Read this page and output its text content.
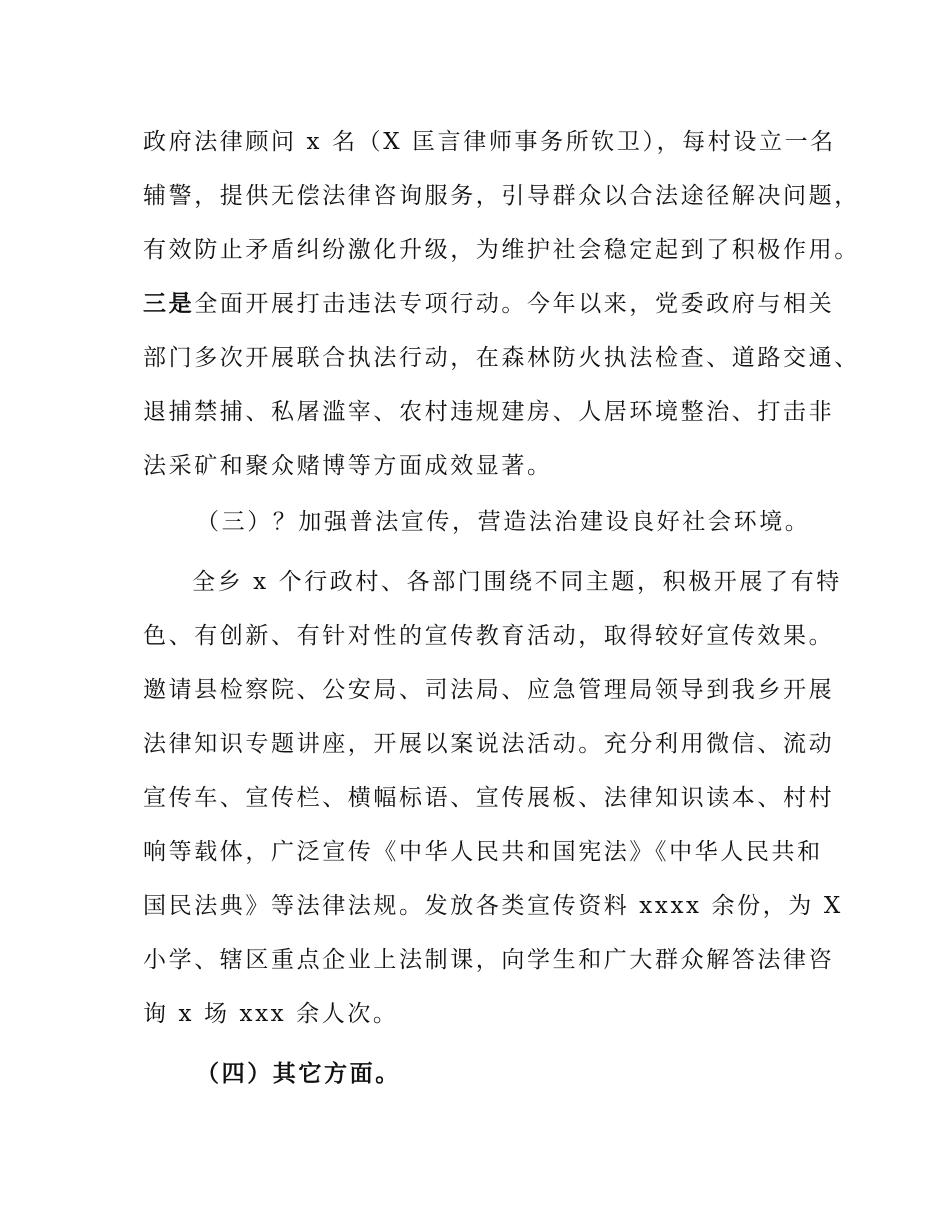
政府法律顾问 x 名（X 匡言律师事务所钦卫），每村设立一名
辅警，提供无偿法律咨询服务，引导群众以合法途径解决问题，
有效防止矛盾纠纷激化升级，为维护社会稳定起到了积极作用。
三是全面开展打击违法专项行动。今年以来，党委政府与相关
部门多次开展联合执法行动，在森林防火执法检查、道路交通、
退捕禁捕、私屠滥宰、农村违规建房、人居环境整治、打击非
法采矿和聚众赌博等方面成效显著。
（三）？加强普法宣传，营造法治建设良好社会环境。
全乡 x 个行政村、各部门围绕不同主题，积极开展了有特
色、有创新、有针对性的宣传教育活动，取得较好宣传效果。
邀请县检察院、公安局、司法局、应急管理局领导到我乡开展
法律知识专题讲座，开展以案说法活动。充分利用微信、流动
宣传车、宣传栏、横幅标语、宣传展板、法律知识读本、村村
响等载体，广泛宣传《中华人民共和国宪法》《中华人民共和
国民法典》等法律法规。发放各类宣传资料 xxxx 余份，为 X
小学、辖区重点企业上法制课，向学生和广大群众解答法律咨
询 x 场 xxx 余人次。
（四）其它方面。
